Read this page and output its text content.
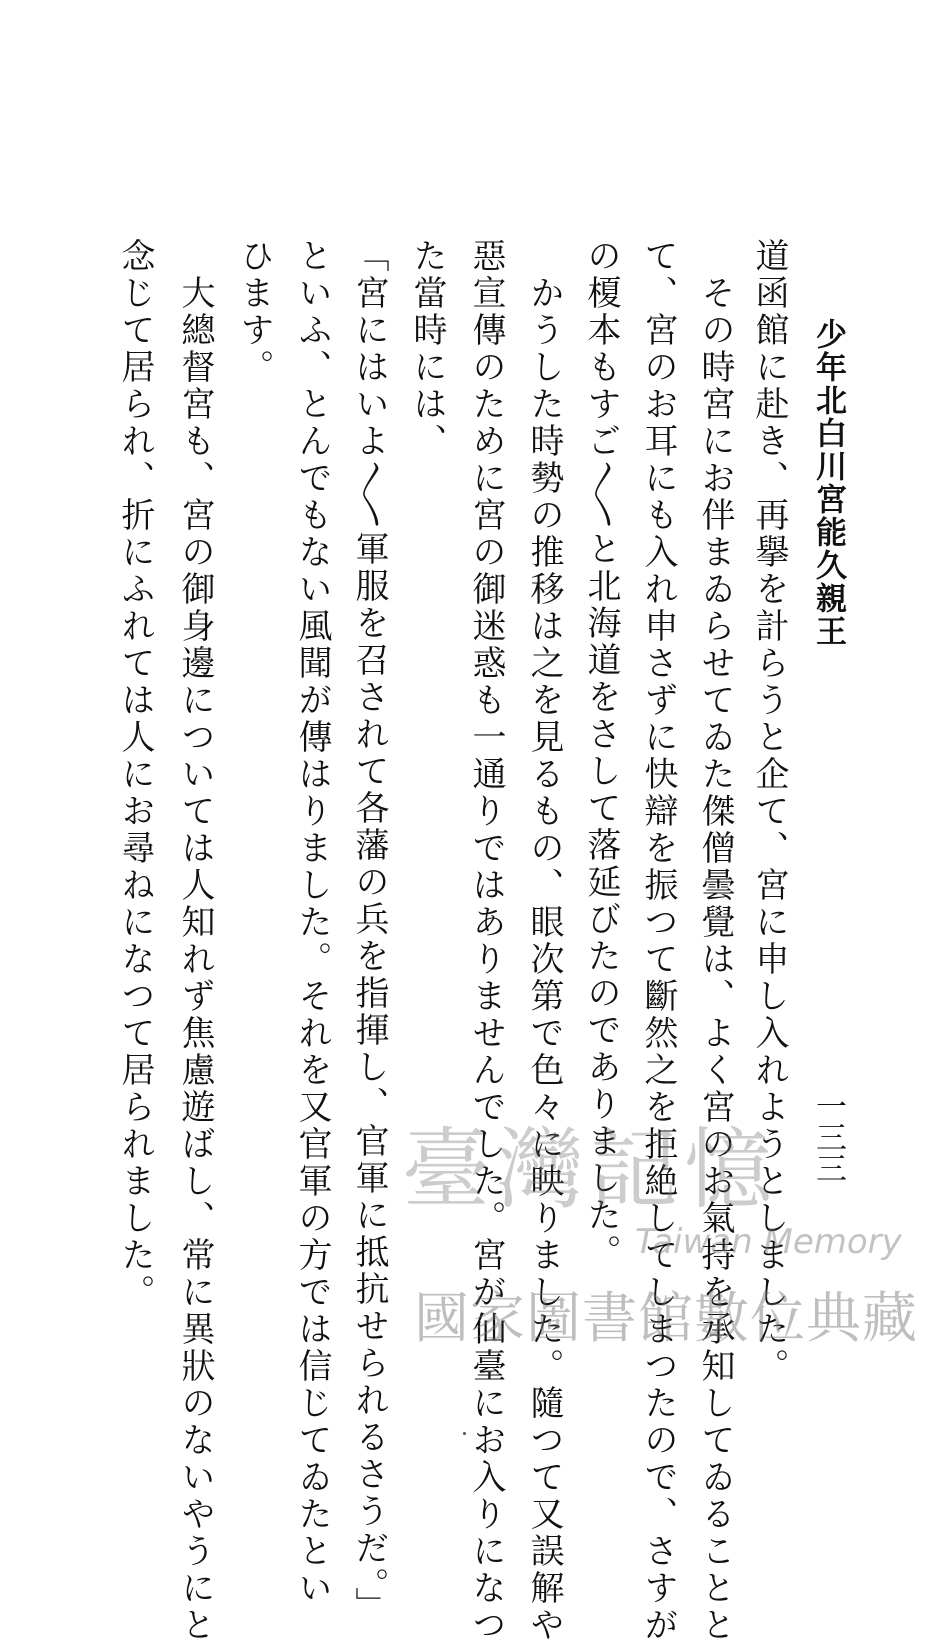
少年北白川宮能久親王
一三三
道函館に赴き、再擧を計らうと企て、宮に申し入れようとしました。
　その時宮にお伴まゐらせてゐた傑僧曇覺は、よく宮のお氣持を承知してゐることと
て、宮のお耳にも入れ申さずに快辯を振つて斷然之を拒絶してしまつたので、さすが
の榎本もすご〳〵と北海道をさして落延びたのでありました。
　かうした時勢の推移は之を見るもの、眼次第で色々に映りました。隨つて又誤解や
惡宣傳のために宮の御迷惑も一通りではありませんでした。宮が仙臺にお入りになつ
た當時には、
「宮にはいよ〳〵軍服を召されて各藩の兵を指揮し、官軍に抵抗せられるさうだ。」
といふ、とんでもない風聞が傳はりました。それを又官軍の方では信じてゐたとい
ひます。
　大總督宮も、宮の御身邊については人知れず焦慮遊ばし、常に異狀のないやうにと
念じて居られ、折にふれては人にお尋ねになつて居られました。	臺灣記憶
Taiwan Memory
國家圖書館數位典藏
